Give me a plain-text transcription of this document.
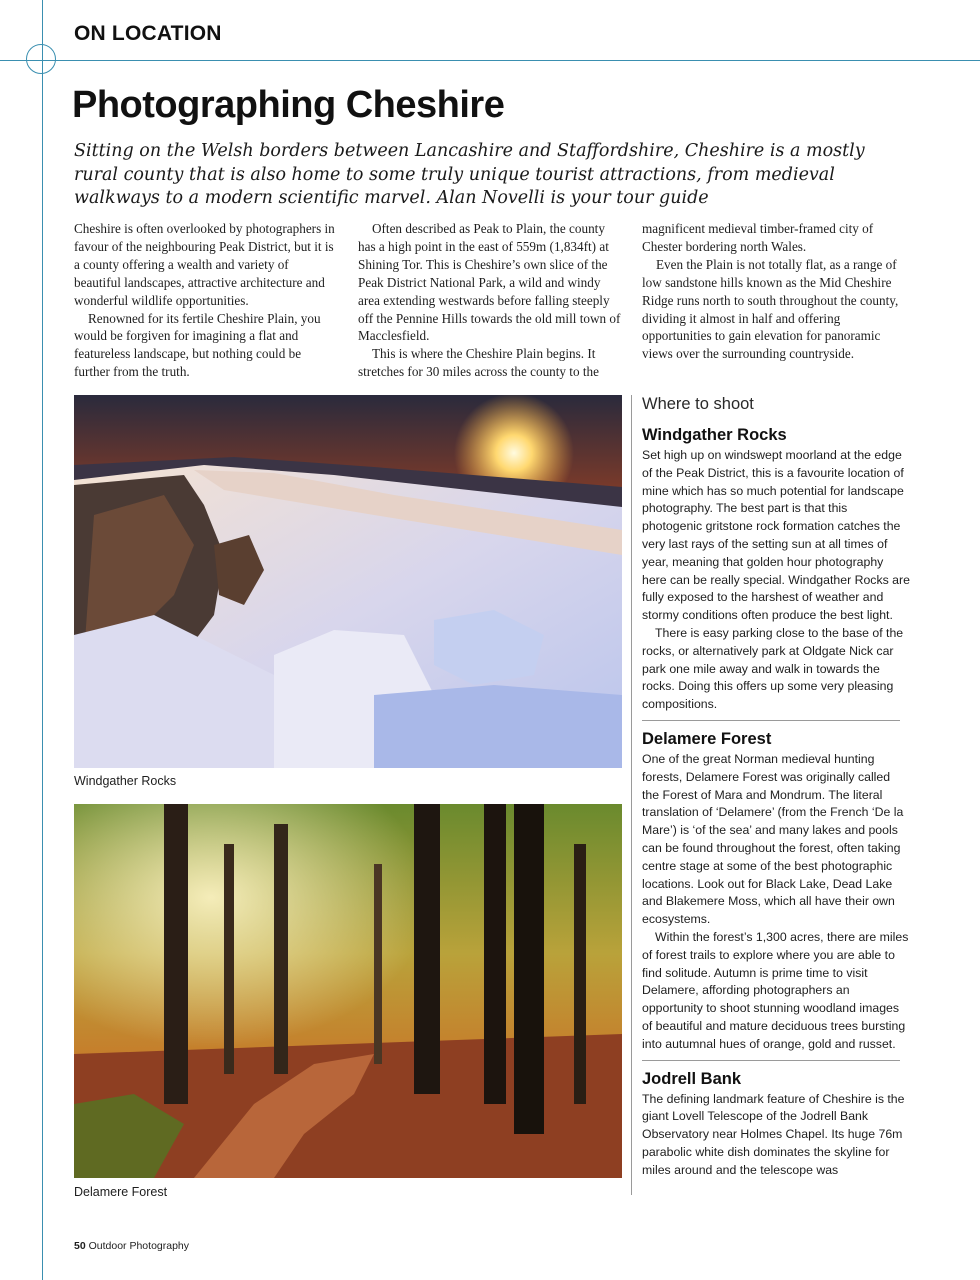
ON LOCATION
Photographing Cheshire
Sitting on the Welsh borders between Lancashire and Staffordshire, Cheshire is a mostly rural county that is also home to some truly unique tourist attractions, from medieval walkways to a modern scientific marvel. Alan Novelli is your tour guide

Cheshire is often overlooked by photographers in favour of the neighbouring Peak District, but it is a county offering a wealth and variety of beautiful landscapes, attractive architecture and wonderful wildlife opportunities.

Renowned for its fertile Cheshire Plain, you would be forgiven for imagining a flat and featureless landscape, but nothing could be further from the truth.

Often described as Peak to Plain, the county has a high point in the east of 559m (1,834ft) at Shining Tor. This is Cheshire’s own slice of the Peak District National Park, a wild and windy area extending westwards before falling steeply off the Pennine Hills towards the old mill town of Macclesfield.

This is where the Cheshire Plain begins. It stretches for 30 miles across the county to the

magnificent medieval timber-framed city of Chester bordering north Wales.

Even the Plain is not totally flat, as a range of low sandstone hills known as the Mid Cheshire Ridge runs north to south throughout the county, dividing it almost in half and offering opportunities to gain elevation for panoramic views over the surrounding countryside.

Windgather Rocks
Delamere Forest
Where to shoot
Windgather Rocks

Set high up on windswept moorland at the edge of the Peak District, this is a favourite location of mine which has so much potential for landscape photography. The best part is that this photogenic gritstone rock formation catches the very last rays of the setting sun at all times of year, meaning that golden hour photography here can be really special. Windgather Rocks are fully exposed to the harshest of weather and stormy conditions often produce the best light.

There is easy parking close to the base of the rocks, or alternatively park at Oldgate Nick car park one mile away and walk in towards the rocks. Doing this offers up some very pleasing compositions.

Delamere Forest

One of the great Norman medieval hunting forests, Delamere Forest was originally called the Forest of Mara and Mondrum. The literal translation of ‘Delamere’ (from the French ‘De la Mare’) is ‘of the sea’ and many lakes and pools can be found throughout the forest, often taking centre stage at some of the best photographic locations. Look out for Black Lake, Dead Lake and Blakemere Moss, which all have their own ecosystems.

Within the forest’s 1,300 acres, there are miles of forest trails to explore where you are able to find solitude. Autumn is prime time to visit Delamere, affording photographers an opportunity to shoot stunning woodland images of beautiful and mature deciduous trees bursting into autumnal hues of orange, gold and russet.

Jodrell Bank

The defining landmark feature of Cheshire is the giant Lovell Telescope of the Jodrell Bank Observatory near Holmes Chapel. Its huge 76m parabolic white dish dominates the skyline for miles around and the telescope was

50 Outdoor Photography
